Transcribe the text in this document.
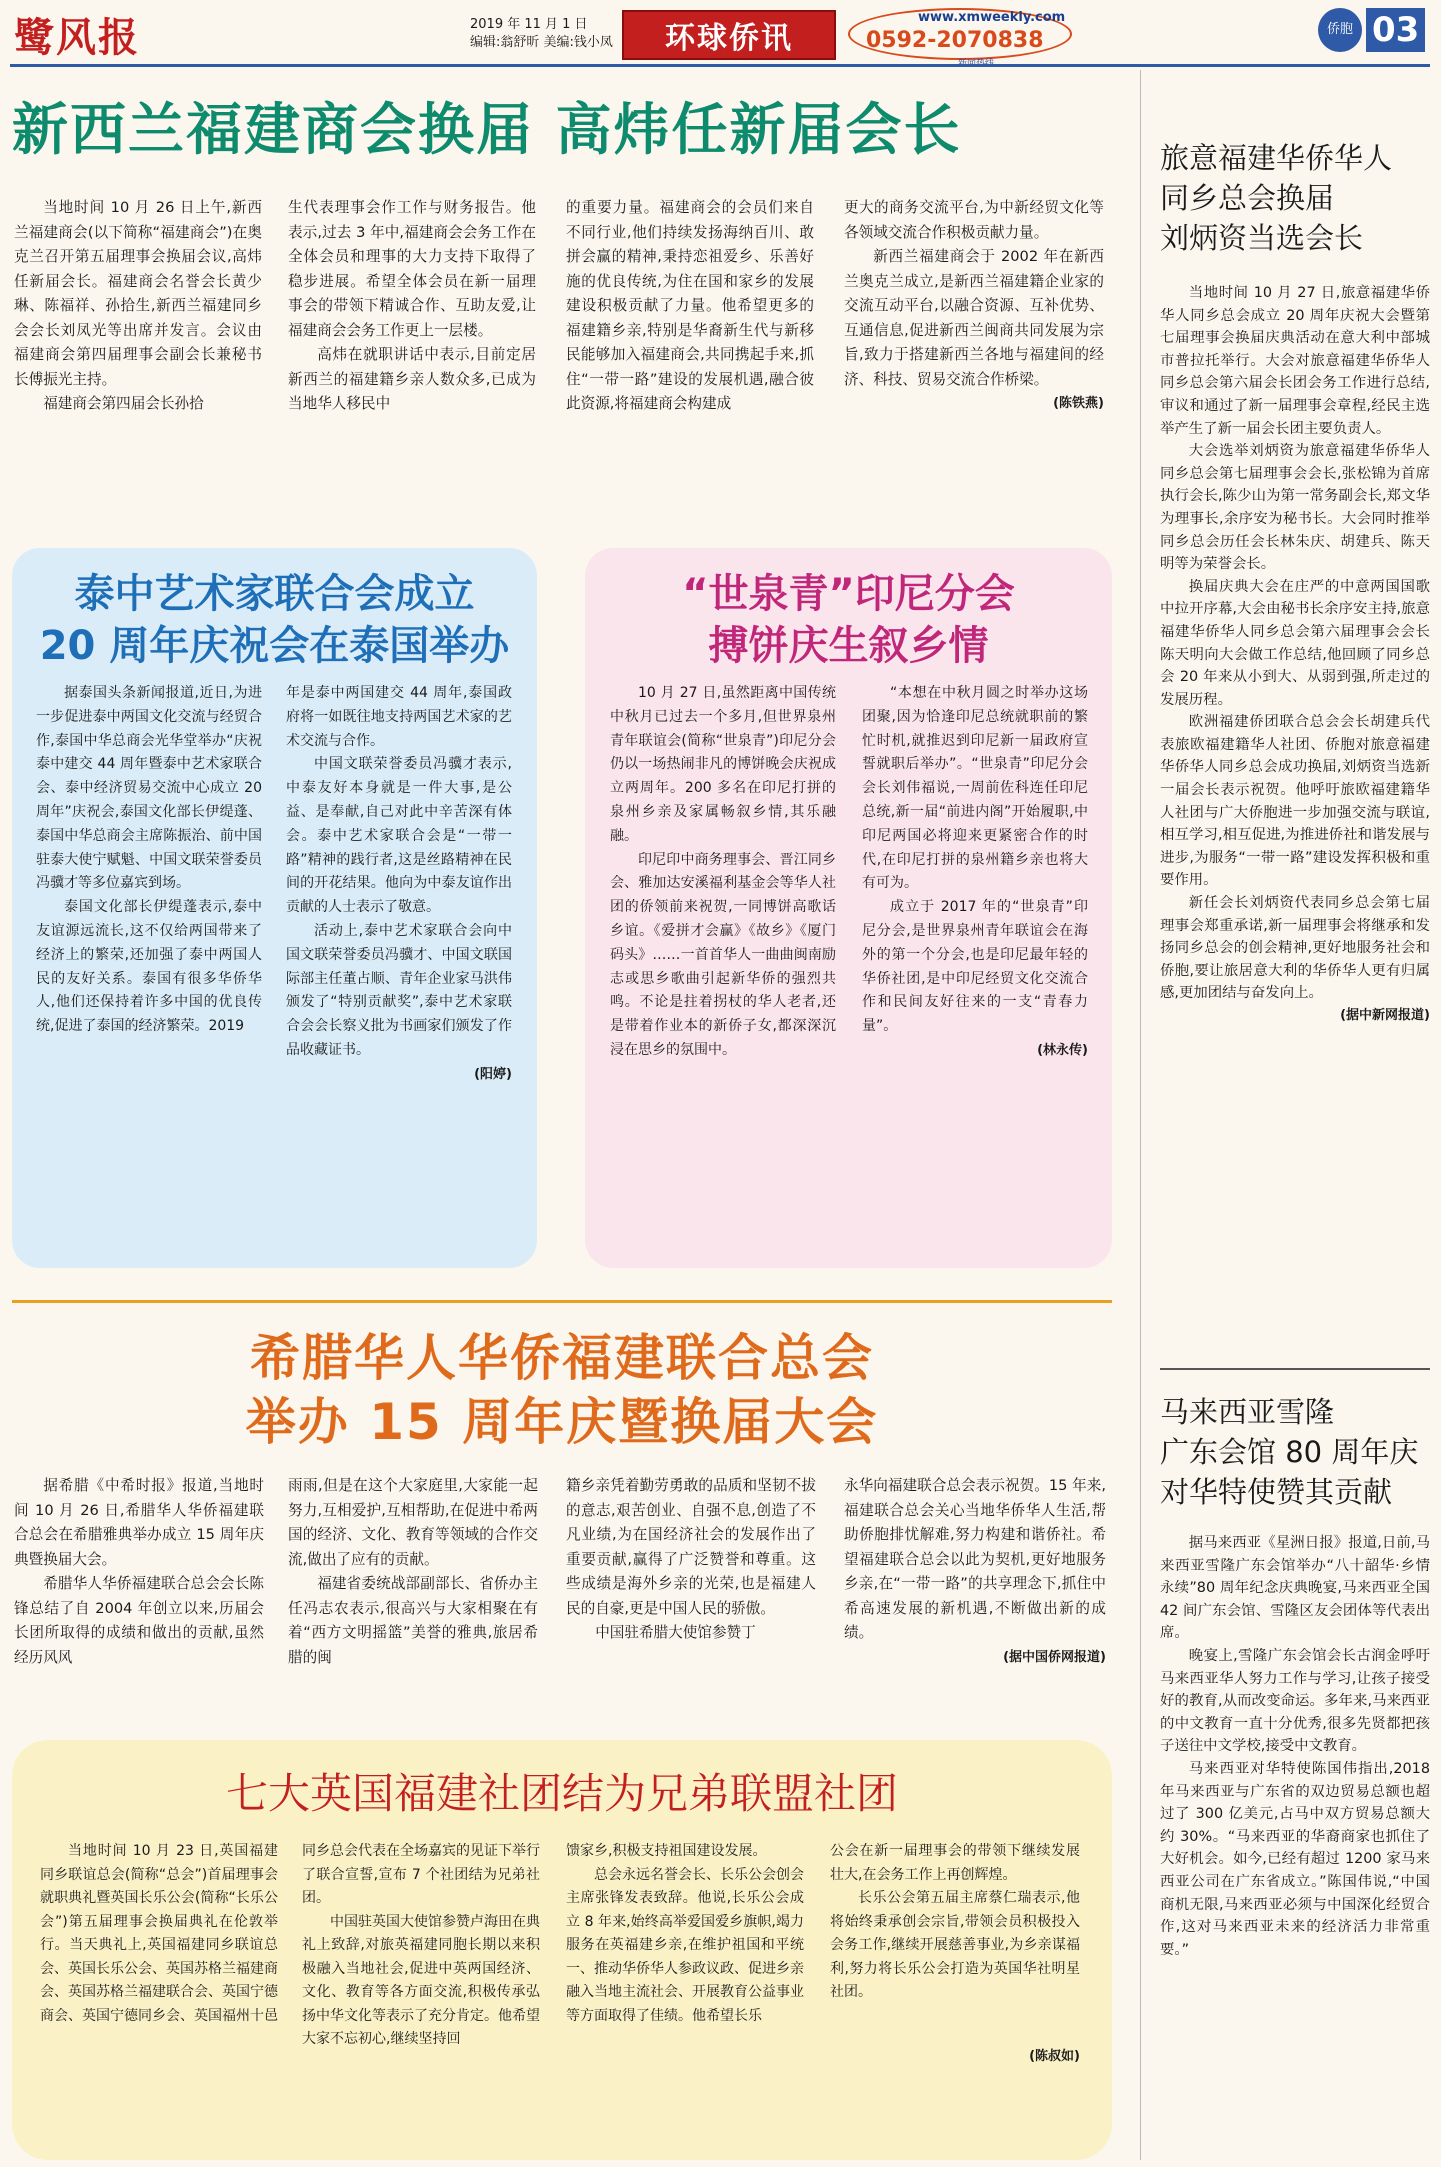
鹭风报	2019 年 11 月 1 日
编辑:翁舒昕 美编:钱小凤	环球侨讯
www.xmweekly.com
0592-2070838	侨胞 03
新西兰福建商会换届 高炜任新届会长

当地时间 10 月 26 日上午,新西兰福建商会(以下简称“福建商会”)在奥克兰召开第五届理事会换届会议,高炜任新届会长。福建商会名誉会长黄少琳、陈福祥、孙拾生,新西兰福建同乡会会长刘凤光等出席并发言。会议由福建商会第四届理事会副会长兼秘书长傅振光主持。

福建商会第四届会长孙拾

生代表理事会作工作与财务报告。他表示,过去 3 年中,福建商会会务工作在全体会员和理事的大力支持下取得了稳步进展。希望全体会员在新一届理事会的带领下精诚合作、互助友爱,让福建商会会务工作更上一层楼。

高炜在就职讲话中表示,目前定居新西兰的福建籍乡亲人数众多,已成为当地华人移民中

的重要力量。福建商会的会员们来自不同行业,他们持续发扬海纳百川、敢拼会赢的精神,秉持恋祖爱乡、乐善好施的优良传统,为住在国和家乡的发展建设积极贡献了力量。他希望更多的福建籍乡亲,特别是华裔新生代与新移民能够加入福建商会,共同携起手来,抓住“一带一路”建设的发展机遇,融合彼此资源,将福建商会构建成

更大的商务交流平台,为中新经贸文化等各领域交流合作积极贡献力量。

新西兰福建商会于 2002 年在新西兰奥克兰成立,是新西兰福建籍企业家的交流互动平台,以融合资源、互补优势、互通信息,促进新西兰闽商共同发展为宗旨,致力于搭建新西兰各地与福建间的经济、科技、贸易交流合作桥梁。

(陈铁燕)
泰中艺术家联合会成立
20 周年庆祝会在泰国举办

据泰国头条新闻报道,近日,为进一步促进泰中两国文化交流与经贸合作,泰国中华总商会光华堂举办“庆祝泰中建交 44 周年暨泰中艺术家联合会、泰中经济贸易交流中心成立 20 周年”庆祝会,泰国文化部长伊缇蓬、泰国中华总商会主席陈振治、前中国驻泰大使宁赋魁、中国文联荣誉委员冯骥才等多位嘉宾到场。

泰国文化部长伊缇蓬表示,泰中友谊源远流长,这不仅给两国带来了经济上的繁荣,还加强了泰中两国人民的友好关系。泰国有很多华侨华人,他们还保持着许多中国的优良传统,促进了泰国的经济繁荣。2019

年是泰中两国建交 44 周年,泰国政府将一如既往地支持两国艺术家的艺术交流与合作。

中国文联荣誉委员冯骥才表示,中泰友好本身就是一件大事,是公益、是奉献,自己对此中辛苦深有体会。泰中艺术家联合会是“一带一路”精神的践行者,这是丝路精神在民间的开花结果。他向为中泰友谊作出贡献的人士表示了敬意。

活动上,泰中艺术家联合会向中国文联荣誉委员冯骥才、中国文联国际部主任董占顺、青年企业家马洪伟颁发了“特别贡献奖”,泰中艺术家联合会会长察义批为书画家们颁发了作品收藏证书。

(阳婷)
“世泉青”印尼分会
搏饼庆生叙乡情

10 月 27 日,虽然距离中国传统中秋月已过去一个多月,但世界泉州青年联谊会(简称“世泉青”)印尼分会仍以一场热闹非凡的博饼晚会庆祝成立两周年。200 多名在印尼打拼的泉州乡亲及家属畅叙乡情,其乐融融。

印尼印中商务理事会、晋江同乡会、雅加达安溪福利基金会等华人社团的侨领前来祝贺,一同博饼高歌话乡谊。《爱拼才会赢》《故乡》《厦门码头》……一首首华人一曲曲闽南励志或思乡歌曲引起新华侨的强烈共鸣。不论是拄着拐杖的华人老者,还是带着作业本的新侨子女,都深深沉浸在思乡的氛围中。

“本想在中秋月圆之时举办这场团聚,因为恰逢印尼总统就职前的繁忙时机,就推迟到印尼新一届政府宣誓就职后举办”。“世泉青”印尼分会会长刘伟福说,一周前佐科连任印尼总统,新一届“前进内阁”开始履职,中印尼两国必将迎来更紧密合作的时代,在印尼打拼的泉州籍乡亲也将大有可为。

成立于 2017 年的“世泉青”印尼分会,是世界泉州青年联谊会在海外的第一个分会,也是印尼最年轻的华侨社团,是中印尼经贸文化交流合作和民间友好往来的一支“青春力量”。

(林永传)
希腊华人华侨福建联合总会
举办 15 周年庆暨换届大会

据希腊《中希时报》报道,当地时间 10 月 26 日,希腊华人华侨福建联合总会在希腊雅典举办成立 15 周年庆典暨换届大会。

希腊华人华侨福建联合总会会长陈锋总结了自 2004 年创立以来,历届会长团所取得的成绩和做出的贡献,虽然经历风风

雨雨,但是在这个大家庭里,大家能一起努力,互相爱护,互相帮助,在促进中希两国的经济、文化、教育等领域的合作交流,做出了应有的贡献。

福建省委统战部副部长、省侨办主任冯志农表示,很高兴与大家相聚在有着“西方文明摇篮”美誉的雅典,旅居希腊的闽

籍乡亲凭着勤劳勇敢的品质和坚韧不拔的意志,艰苦创业、自强不息,创造了不凡业绩,为在国经济社会的发展作出了重要贡献,赢得了广泛赞誉和尊重。这些成绩是海外乡亲的光荣,也是福建人民的自豪,更是中国人民的骄傲。

中国驻希腊大使馆参赞丁

永华向福建联合总会表示祝贺。15 年来,福建联合总会关心当地华侨华人生活,帮助侨胞排忧解难,努力构建和谐侨社。希望福建联合总会以此为契机,更好地服务乡亲,在“一带一路”的共享理念下,抓住中希高速发展的新机遇,不断做出新的成绩。

(据中国侨网报道)
七大英国福建社团结为兄弟联盟社团

当地时间 10 月 23 日,英国福建同乡联谊总会(简称“总会”)首届理事会就职典礼暨英国长乐公会(简称“长乐公会”)第五届理事会换届典礼在伦敦举行。当天典礼上,英国福建同乡联谊总会、英国长乐公会、英国苏格兰福建商会、英国苏格兰福建联合会、英国宁德商会、英国宁德同乡会、英国福州十邑

同乡总会代表在全场嘉宾的见证下举行了联合宣誓,宣布 7 个社团结为兄弟社团。

中国驻英国大使馆参赞卢海田在典礼上致辞,对旅英福建同胞长期以来积极融入当地社会,促进中英两国经济、文化、教育等各方面交流,积极传承弘扬中华文化等表示了充分肯定。他希望大家不忘初心,继续坚持回

馈家乡,积极支持祖国建设发展。

总会永远名誉会长、长乐公会创会主席张锋发表致辞。他说,长乐公会成立 8 年来,始终高举爱国爱乡旗帜,竭力服务在英福建乡亲,在维护祖国和平统一、推动华侨华人参政议政、促进乡亲融入当地主流社会、开展教育公益事业等方面取得了佳绩。他希望长乐

公会在新一届理事会的带领下继续发展壮大,在会务工作上再创辉煌。

长乐公会第五届主席蔡仁瑞表示,他将始终秉承创会宗旨,带领会员积极投入会务工作,继续开展慈善事业,为乡亲谋福利,努力将长乐公会打造为英国华社明星社团。

(陈叔如)
旅意福建华侨华人
同乡总会换届
刘炳资当选会长

当地时间 10 月 27 日,旅意福建华侨华人同乡总会成立 20 周年庆祝大会暨第七届理事会换届庆典活动在意大利中部城市普拉托举行。大会对旅意福建华侨华人同乡总会第六届会长团会务工作进行总结,审议和通过了新一届理事会章程,经民主选举产生了新一届会长团主要负责人。

大会选举刘炳资为旅意福建华侨华人同乡总会第七届理事会会长,张松锦为首席执行会长,陈少山为第一常务副会长,郑文华为理事长,余序安为秘书长。大会同时推举同乡总会历任会长林朱庆、胡建兵、陈天明等为荣誉会长。

换届庆典大会在庄严的中意两国国歌中拉开序幕,大会由秘书长余序安主持,旅意福建华侨华人同乡总会第六届理事会会长陈天明向大会做工作总结,他回顾了同乡总会 20 年来从小到大、从弱到强,所走过的发展历程。

欧洲福建侨团联合总会会长胡建兵代表旅欧福建籍华人社团、侨胞对旅意福建华侨华人同乡总会成功换届,刘炳资当选新一届会长表示祝贺。他呼吁旅欧福建籍华人社团与广大侨胞进一步加强交流与联谊,相互学习,相互促进,为推进侨社和谐发展与进步,为服务“一带一路”建设发挥积极和重要作用。

新任会长刘炳资代表同乡总会第七届理事会郑重承诺,新一届理事会将继承和发扬同乡总会的创会精神,更好地服务社会和侨胞,要让旅居意大利的华侨华人更有归属感,更加团结与奋发向上。

(据中新网报道)
马来西亚雪隆
广东会馆 80 周年庆
对华特使赞其贡献

据马来西亚《星洲日报》报道,日前,马来西亚雪隆广东会馆举办“八十韶华·乡情永续”80 周年纪念庆典晚宴,马来西亚全国 42 间广东会馆、雪隆区友会团体等代表出席。

晚宴上,雪隆广东会馆会长古润金呼吁马来西亚华人努力工作与学习,让孩子接受好的教育,从而改变命运。多年来,马来西亚的中文教育一直十分优秀,很多先贤都把孩子送往中文学校,接受中文教育。

马来西亚对华特使陈国伟指出,2018 年马来西亚与广东省的双边贸易总额也超过了 300 亿美元,占马中双方贸易总额大约 30%。“马来西亚的华裔商家也抓住了大好机会。如今,已经有超过 1200 家马来西亚公司在广东省成立。”陈国伟说,“中国商机无限,马来西亚必须与中国深化经贸合作,这对马来西亚未来的经济活力非常重要。”
